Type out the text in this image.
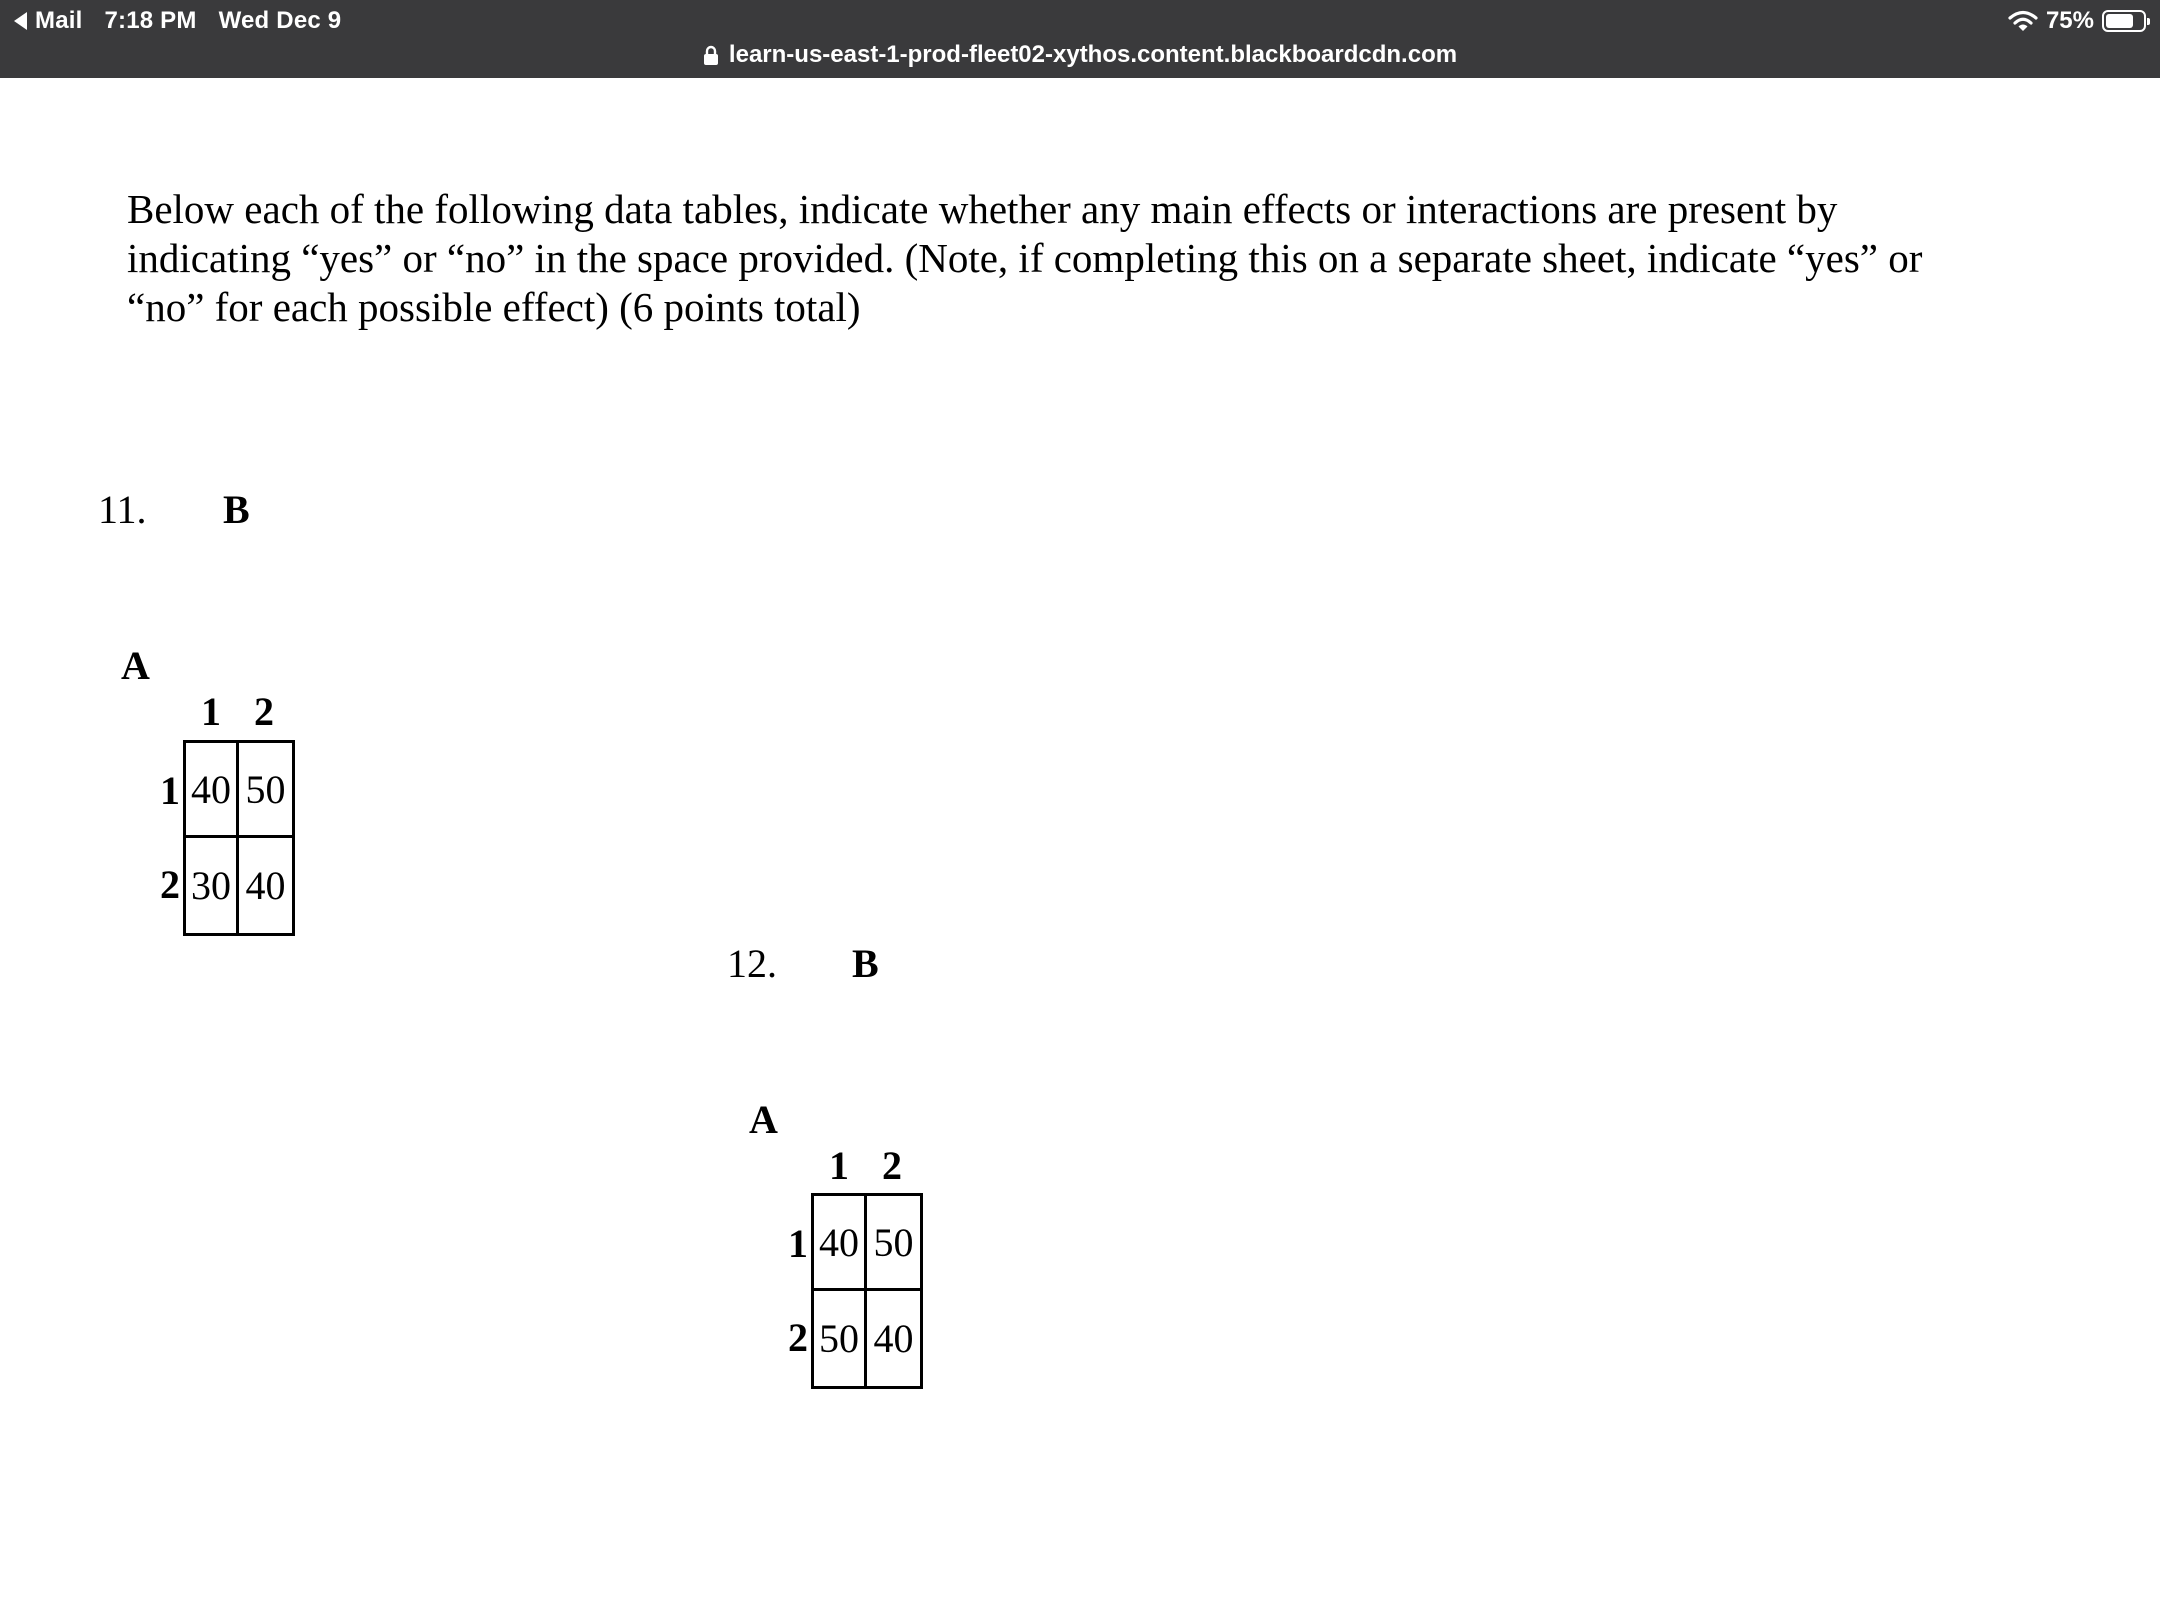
Mail 7:18 PM Wed Dec 9	75%
learn-us-east-1-prod-fleet02-xythos.content.blackboardcdn.com

Below each of the following data tables, indicate whether any main effects or interactions are present by
indicating “yes” or “no” in the space provided. (Note, if completing this on a separate sheet, indicate “yes” or
“no” for each possible effect) (6 points total)

11. B
A
1 2
1
2
40 50
30 40
12. B
A
1 2
1
2
40 50
50 40
